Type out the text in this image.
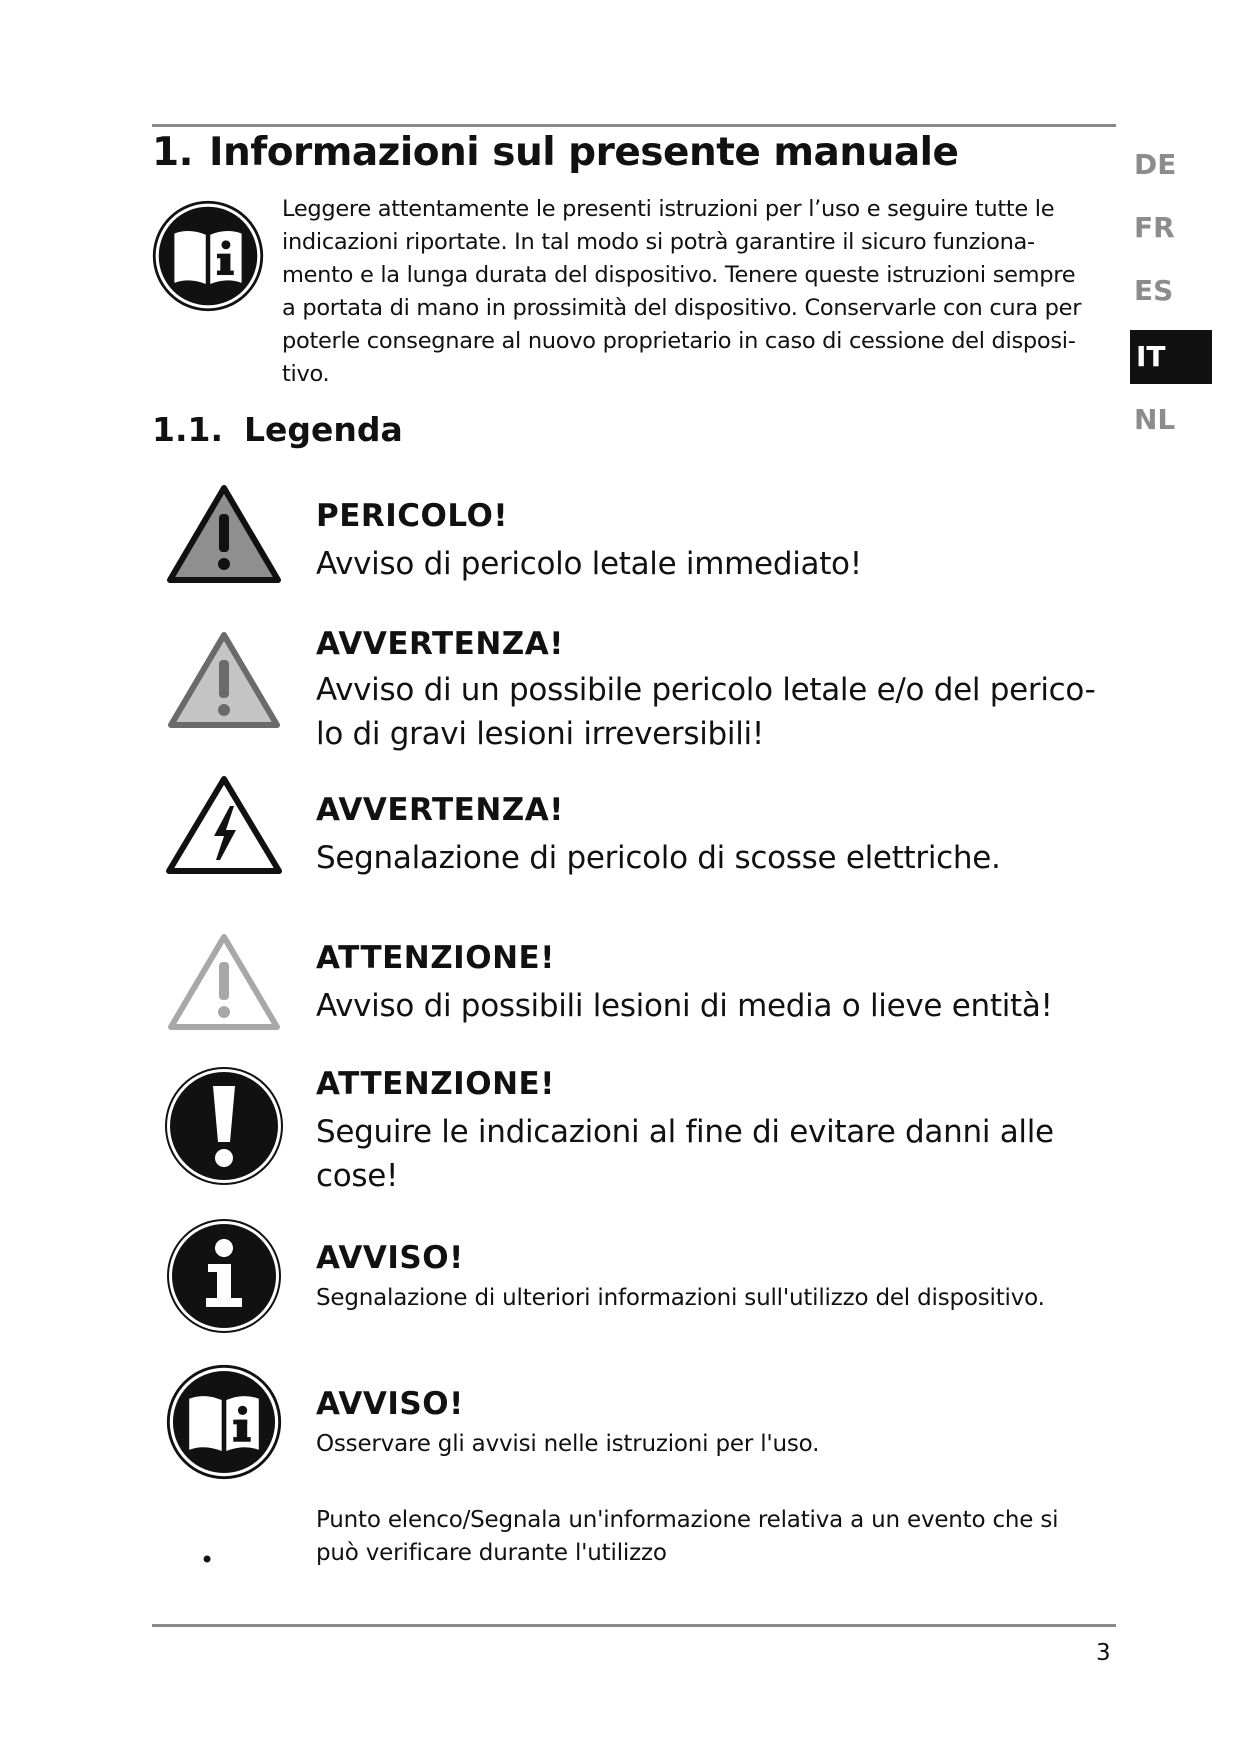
1. Informazioni sul presente manuale
Leggere attentamente le presenti istruzioni per l’uso e seguire tutte le
indicazioni riportate. In tal modo si potrà garantire il sicuro funziona-
mento e la lunga durata del dispositivo. Tenere queste istruzioni sempre
a portata di mano in prossimità del dispositivo. Conservarle con cura per
poterle consegnare al nuovo proprietario in caso di cessione del disposi-
tivo.
1.1. Legenda
DE
FR
ES
IT
NL
PERICOLO!
Avviso di pericolo letale immediato!
AVVERTENZA!
Avviso di un possibile pericolo letale e/o del perico-
lo di gravi lesioni irreversibili!
AVVERTENZA!
Segnalazione di pericolo di scosse elettriche.
ATTENZIONE!
Avviso di possibili lesioni di media o lieve entità!
ATTENZIONE!
Seguire le indicazioni al fine di evitare danni alle
cose!
AVVISO!
Segnalazione di ulteriori informazioni sull'utilizzo del dispositivo.
AVVISO!
Osservare gli avvisi nelle istruzioni per l'uso.
•
Punto elenco/Segnala un'informazione relativa a un evento che si
può verificare durante l'utilizzo
3
